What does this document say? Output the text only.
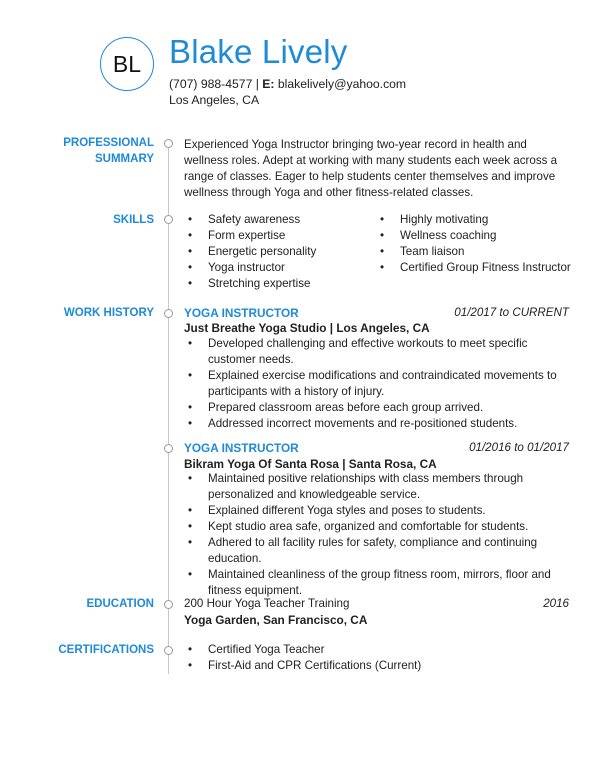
BL Blake Lively
(707) 988-4577 | E: blakelively@yahoo.com
Los Angeles, CA
PROFESSIONAL
SUMMARY
Experienced Yoga Instructor bringing two-year record in health and wellness roles. Adept at working with many students each week across a range of classes. Eager to help students center themselves and improve wellness through Yoga and other fitness-related classes.
SKILLS	• Safety awareness
• Form expertise
• Energetic personality
• Yoga instructor
• Stretching expertise
• Highly motivating
• Wellness coaching
• Team liaison
• Certified Group Fitness Instructor
WORK HISTORY	YOGA INSTRUCTOR	01/2017 to CURRENT
Just Breathe Yoga Studio | Los Angeles, CA
• Developed challenging and effective workouts to meet specific customer needs.
• Explained exercise modifications and contraindicated movements to participants with a history of injury.
• Prepared classroom areas before each group arrived.
• Addressed incorrect movements and re-positioned students.
YOGA INSTRUCTOR	01/2016 to 01/2017
Bikram Yoga Of Santa Rosa | Santa Rosa, CA
• Maintained positive relationships with class members through personalized and knowledgeable service.
• Explained different Yoga styles and poses to students.
• Kept studio area safe, organized and comfortable for students.
• Adhered to all facility rules for safety, compliance and continuing education.
• Maintained cleanliness of the group fitness room, mirrors, floor and fitness equipment.
EDUCATION	200 Hour Yoga Teacher Training	2016
Yoga Garden, San Francisco, CA
CERTIFICATIONS	• Certified Yoga Teacher
• First-Aid and CPR Certifications (Current)
